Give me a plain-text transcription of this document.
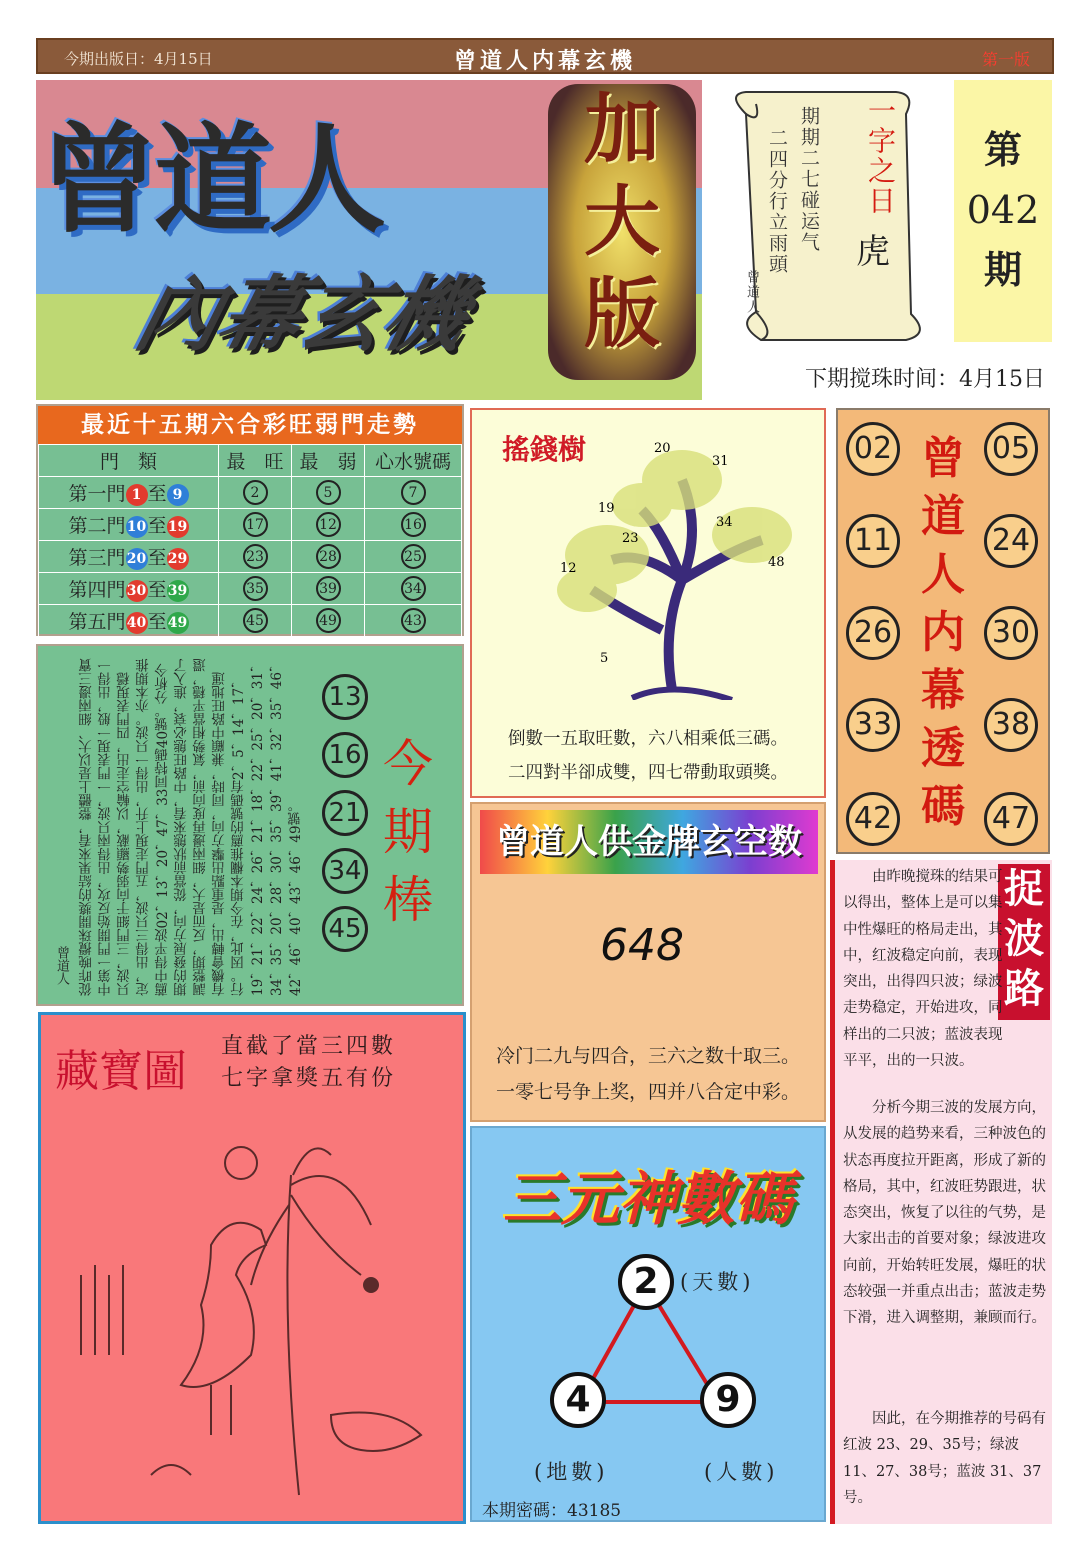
今期出版日：4月15日	曾道人内幕玄機	第一版
曾道人
內幕玄機
加
大
版
二四分行立雨頭 期期二七碰运气 一字之日
虎
曾道人
第
042
期
下期搅珠时间：4月15日
最近十五期六合彩旺弱門走勢
門　類	最　旺	最　弱	心水號碼
第一門 1 至 9	2	5	7
第二門10至19	17	12	16
第三門20至29	23	28	25
第四門30至39	35	39	34
第五門40至49	45	49	43
從昨晚攪珠開獎的結果來看，整體上是以大、細兩邊三寶中第一門開始反攻，出得兩只波，一門表現一般，出得一只波，三門細于向弱勢顯蔽，以輪空走出，四門表現穩定，出得三只波，五門走現上升，出得一只波。亦本期推薦中得平波02，13，20，47，33同特碼40號。分析今期的發展方向，從當前狀態來看，中路旺態必衰，進入了調整期，反而是大，細兩邊再度向前，氣勢相當平穩，還有機會轉出，是重點出擊方向，同時，兼顧中路旺地運行。因此，在今期本欄推薦的號碼有2，5，14，17，19，21，22，24，26，21，18，22，25，20，31，34，35，20，28，30，35，39，41，32，35，46，42，46，40，43，46，49號。
曾道人
13
16
21
34
45
今
期
棒
藏寶圖 直截了當三四數
七字拿獎五有份
搖錢樹	20
31
19
23
34
48
12
5
倒數一五取旺數，六八相乘低三碼。
二四對半卻成雙，四七帶動取頭獎。
02
11
26
33
42
05
24
30
38
47
曾
道
人
内
幕
透
碼
曾道人供金牌玄空数
648
冷门二九与四合，三六之数十取三。
一零七号争上奖，四并八合定中彩。
三元神數碼
2	(天數)
4
(地數)
9
(人數)
本期密碼：43185
捉
波
路
由昨晚搅珠的结果可以得出，整体上是可以集中性爆旺的格局走出，其中，红波稳定向前，表现突出，出得四只波；绿波走势稳定，开始进攻，同样出的二只波；蓝波表现平平，出的一只波。
分析今期三波的发展方向，从发展的趋势来看，三种波色的状态再度拉开距离，形成了新的格局，其中，红波旺势跟进，状态突出，恢复了以往的气势，是大家出击的首要对象；绿波进攻向前，开始转旺发展，爆旺的状态较强一并重点出击；蓝波走势下滑，进入调整期，兼顾而行。
因此，在今期推荐的号码有红波 23、29、35号；绿波 11、27、38号；蓝波 31、37号。
